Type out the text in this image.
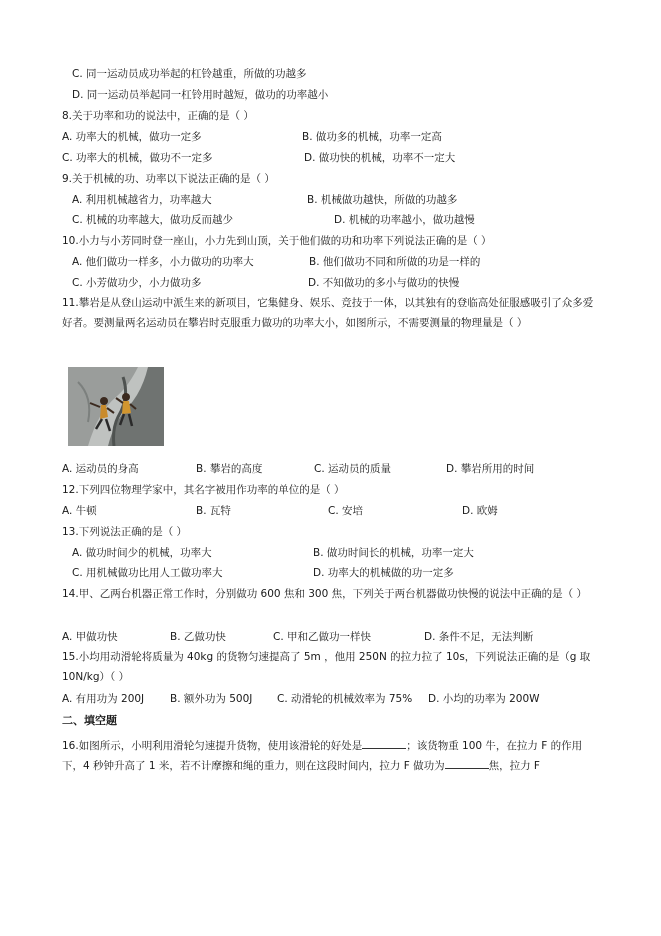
C. 同一运动员成功举起的杠铃越重，所做的功越多
D. 同一运动员举起同一杠铃用时越短，做功的功率越小
8.关于功率和功的说法中，正确的是（ ）
A. 功率大的机械，做功一定多	B. 做功多的机械，功率一定高
C. 功率大的机械，做功不一定多	D. 做功快的机械，功率不一定大
9.关于机械的功、功率以下说法正确的是（ ）
A. 利用机械越省力，功率越大	B. 机械做功越快，所做的功越多
C. 机械的功率越大，做功反而越少	D. 机械的功率越小，做功越慢
10.小力与小芳同时登一座山，小力先到山顶，关于他们做的功和功率下列说法正确的是（ ）
A. 他们做功一样多，小力做功的功率大	B. 他们做功不同和所做的功是一样的
C. 小芳做功少，小力做功多	D. 不知做功的多小与做功的快慢
11.攀岩是从登山运动中派生来的新项目，它集健身、娱乐、竞技于一体，以其独有的登临高处征服感吸引了众多爱好者。要测量两名运动员在攀岩时克服重力做功的功率大小，如图所示，不需要测量的物理量是（ ）
A. 运动员的身高	B. 攀岩的高度	C. 运动员的质量	D. 攀岩所用的时间
12.下列四位物理学家中，其名字被用作功率的单位的是（ ）
A. 牛顿	B. 瓦特	C. 安培	D. 欧姆
13.下列说法正确的是（ ）
A. 做功时间少的机械，功率大	B. 做功时间长的机械，功率一定大
C. 用机械做功比用人工做功率大	D. 功率大的机械做的功一定多
14.甲、乙两台机器正常工作时，分别做功 600 焦和 300 焦，下列关于两台机器做功快慢的说法中正确的是（ ）
A. 甲做功快	B. 乙做功快	C. 甲和乙做功一样快	D. 条件不足，无法判断
15.小均用动滑轮将质量为 40kg 的货物匀速提高了 5m ，他用 250N 的拉力拉了 10s，下列说法正确的是（g 取 10N/kg）（ ）
A. 有用功为 200J B. 额外功为 500J C. 动滑轮的机械效率为 75% D. 小均的功率为 200W
二、填空题
16.如图所示，小明利用滑轮匀速提升货物，使用该滑轮的好处是	；该货物重 100 牛，在拉力 F 的作用下，4 秒钟升高了 1 米，若不计摩擦和绳的重力，则在这段时间内，拉力 F 做功为	焦，拉力 F
